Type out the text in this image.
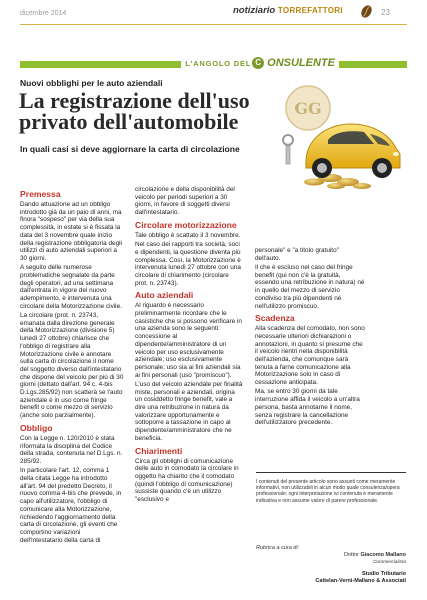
dicembre 2014	notiziario TORREFATTORI	23
L'ANGOLO DEL C ONSULENTE
Nuovi obblighi per le auto aziendali
La registrazione dell'uso
privato dell'automobile
In quali casi si deve aggiornare la carta di circolazione
GG
Premessa

Dando attuazione ad un obbligo introdotto già da un paio di anni, ma finora "sospeso" per via della sua complessità, in estate si è fissata la data del 3 novembre quale inizio della registrazione obbligatoria degli utilizzi di auto aziendali superiori a 30 giorni.

A seguito delle numerose problematiche segnalate da parte degli operatori, ad una settimana dall'entrata in vigore del nuovo adempimento, è intervenuta una circolare della Motorizzazione civile.

La circolare (prot. n. 23743, emanata dalla direzione generale della Motorizzazione (divisione 5) lunedì 27 ottobre) chiarisce che l'obbligo di registrare alla Motorizzazione civile e annotare sulla carta di circolazione il nome del soggetto diverso dall'intestatario che dispone del veicolo per più di 30 giorni (dettato dall'art. 94 c. 4-bis D.Lgs.285/92) non scatterà se l'auto aziendale è in uso come fringe benefit o come mezzo di servizio (anche solo parzialmente).

Obbligo

Con la Legge n. 120/2010 è stata riformata la disciplina del Codice della strada, contenuta nel D.Lgs. n. 285/92.

In particolare l'art. 12, comma 1 della citata Legge ha introdotto all'art. 94 del predetto Decreto, il nuovo comma 4-bis che prevede, in capo all'utilizzatore, l'obbligo di comunicare alla Motorizzazione, richiedendo l'aggiornamento della carta di circolazione, gli eventi che comportino variazioni dell'intestatario della carta di

circolazione e della disponibilità del veicolo per periodi superiori a 30 giorni, in favore di soggetti diversi dall'intestatario.

Circolare motorizzazione

Tale obbligo è scattato il 3 novembre.

Nel caso dei rapporti tra società, soci e dipendenti, la questione diventa più complessa. Così, la Motorizzazione è intervenuta lunedì 27 ottobre con una circolare di chiarimento (circolare prot. n. 23743).

Auto aziendali

Al riguardo è necessario preliminarmente ricordare che le casistiche che si possono verificare in una azienda sono le seguenti: concessione al dipendente/amministratore di un veicolo per uso esclusivamente aziendale; uso esclusivamente personale; uso sia ai fini aziendali sia ai fini personali (uso "promiscuo").

L'uso del veicolo aziendale per finalità miste, personali e aziendali, origina un cosiddetto fringe benefit, vale a dire una retribuzione in natura da valorizzare opportunamente e sottoporre a tassazione in capo al dipendente/amministratore che ne beneficia.

Chiarimenti

Circa gli obblighi di comunicazione delle auto in comodato la circolare in oggetto ha chiarito che il comodato (quindi l'obbligo di comunicazione) sussiste quando c'è un utilizzo "esclusivo e

personale" e "a titolo gratuito" dell'auto.

Il che è escluso nel caso del fringe benefit (qui non c'è la gratuità, essendo una retribuzione in natura) né in quello del mezzo di servizio condiviso tra più dipendenti né nell'utilizzo promiscuo.

Scadenza

Alla scadenza del comodato, non sono necessarie ulteriori dichiarazioni o annotazioni, in quanto si presume che il veicolo rientri nella disponibilità dell'azienda, che comunque sarà tenuta a farne comunicazione alla Motorizzazione solo in caso di cessazione anticipata.

Ma, se entro 30 giorni da tale interruzione affida il veicolo a un'altra persona, basta annotarne il nome, senza registrare la cancellazione dell'utilizzatore precedente.

I contenuti del presente articolo sono assunti come meramente informativi, non utilizzabili in alcun modo quale consulenza/opera professionale; ogni interpretazione ivi contenuta è meramente indicativa e non assume valore di parere professionale.
Rubrica a cura di:
Dottor Giacomo Mallano
Commercialista
Studio Tributario
Cattelan-Verni-Mallano & Associati
